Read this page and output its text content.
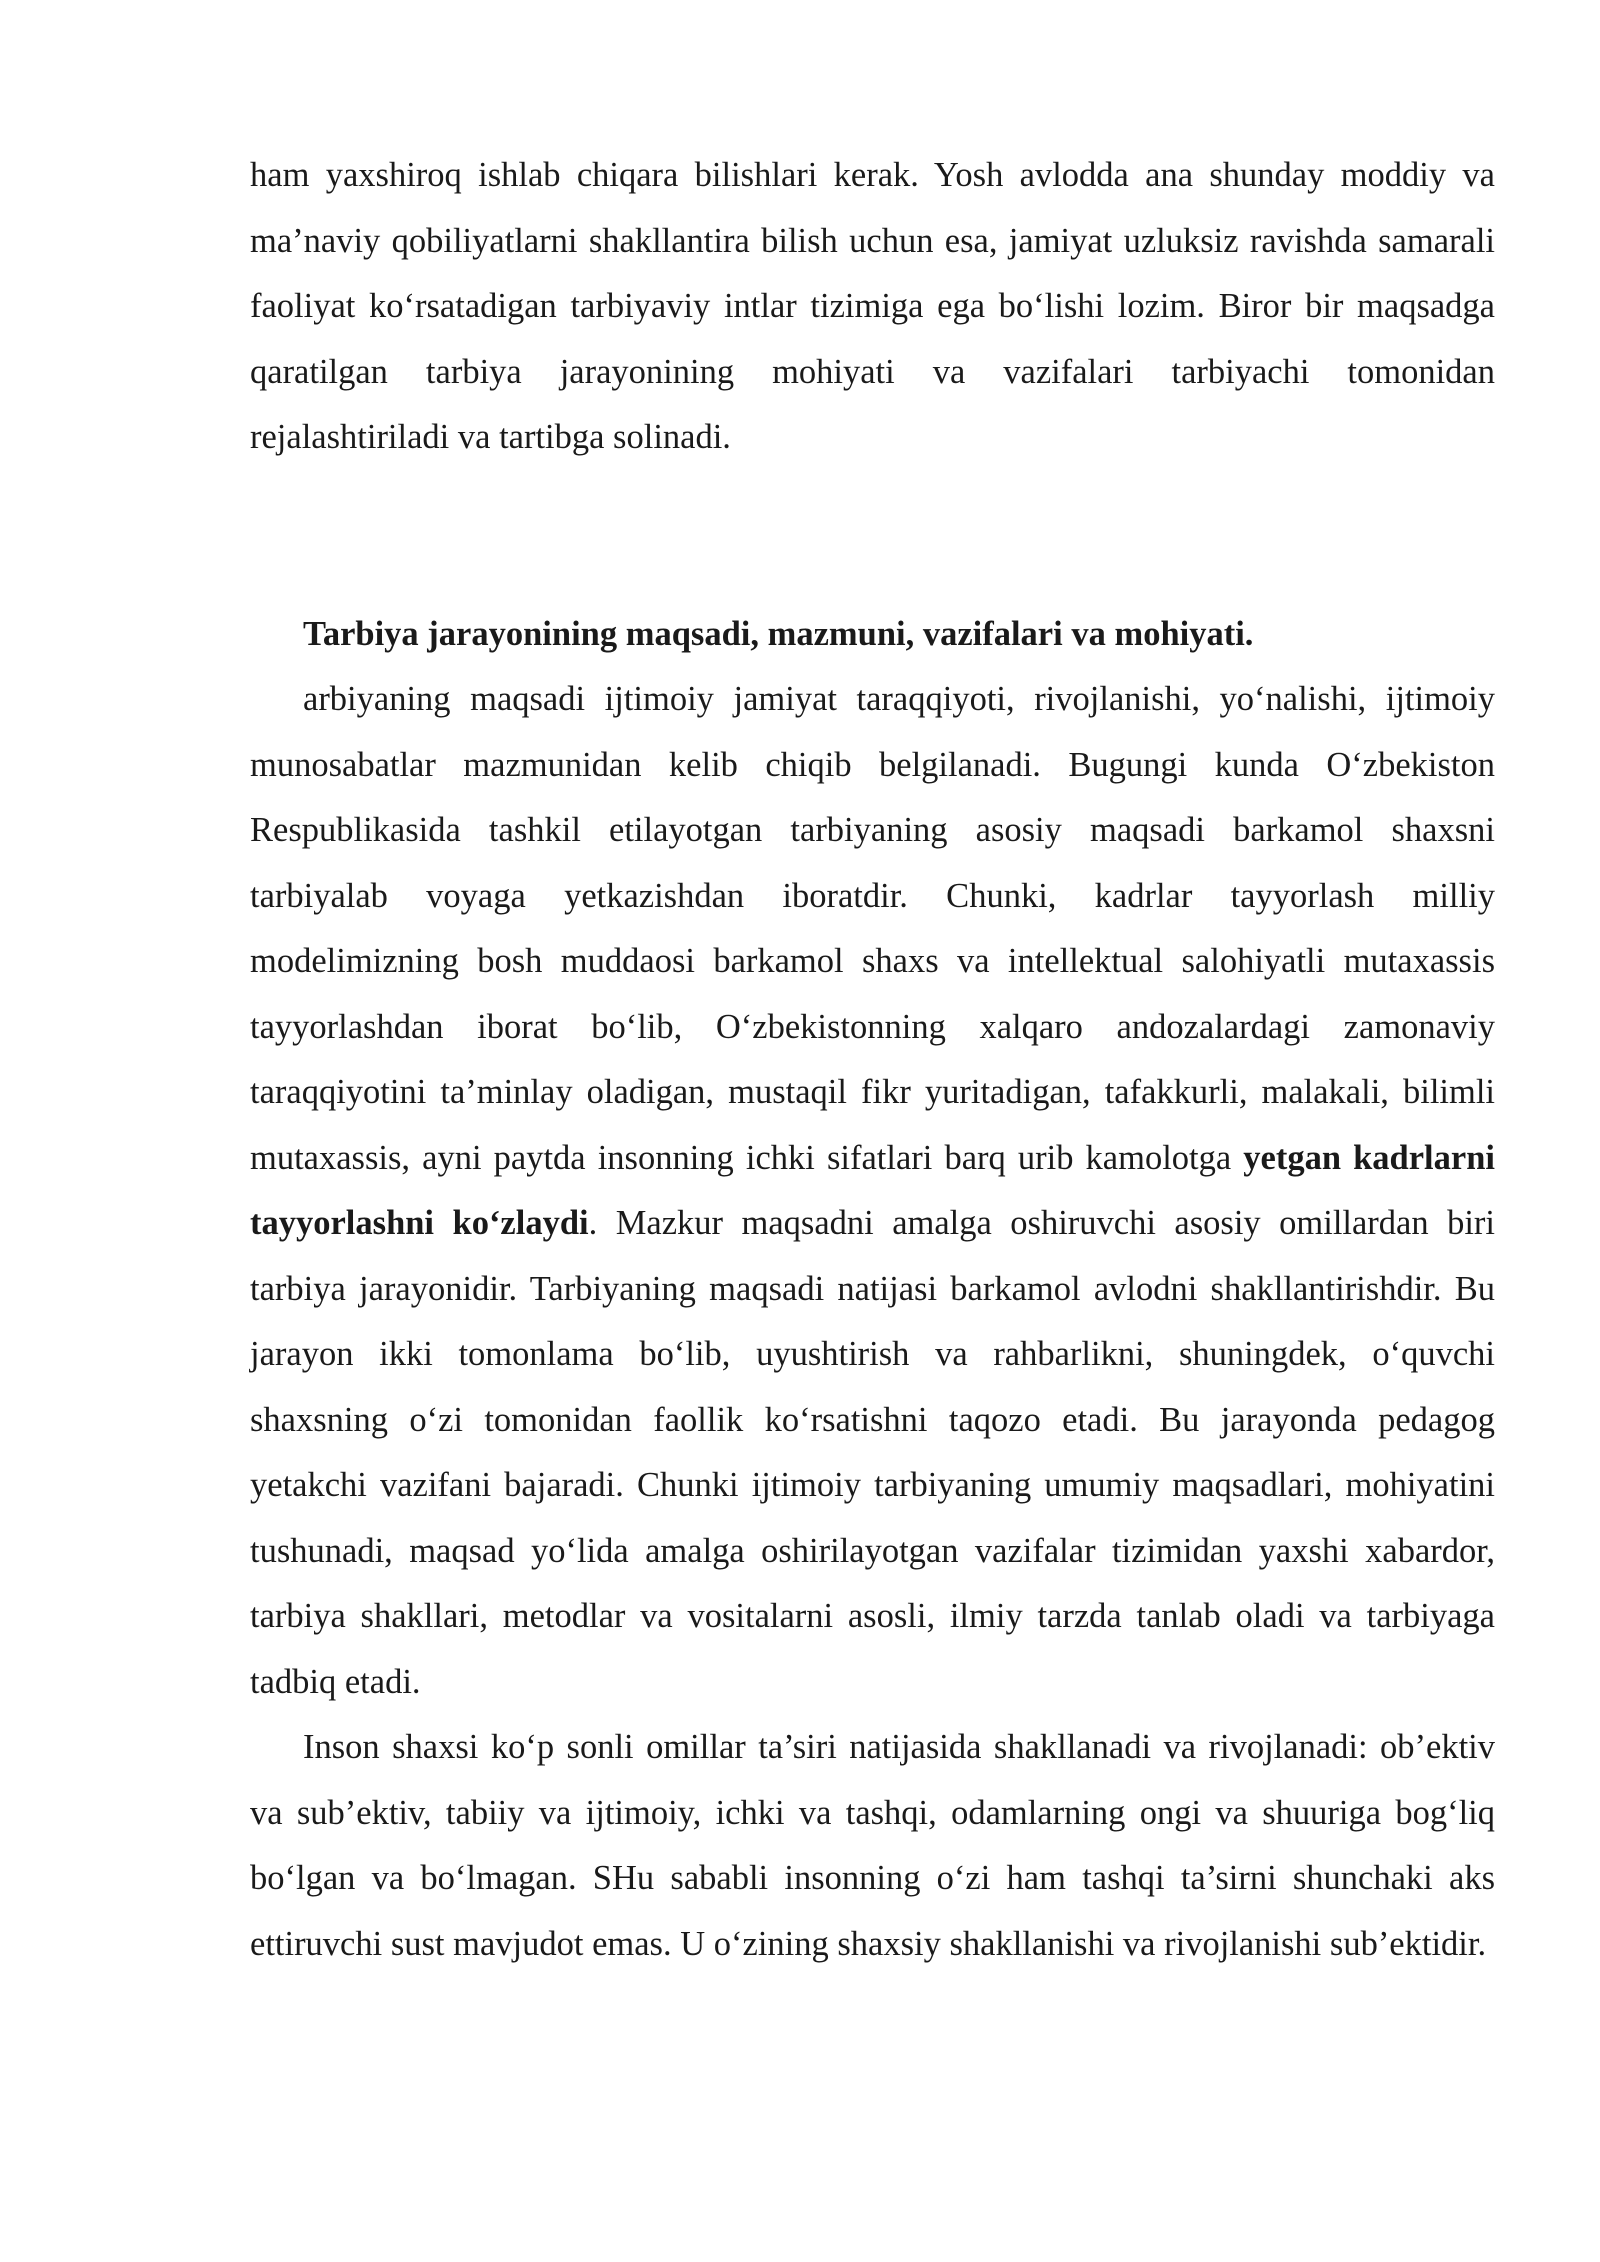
ham yaxshiroq ishlab chiqara bilishlari kerak. Yosh avlodda ana shunday moddiy va ma’naviy qobiliyatlarni shakllantira bilish uchun esa, jamiyat uzluksiz ravishda samarali faoliyat ko‘rsatadigan tarbiyaviy intlar tizimiga ega bo‘lishi lozim. Biror bir maqsadga qaratilgan tarbiya jarayonining mohiyati va vazifalari tarbiyachi tomonidan rejalashtiriladi va tartibga solinadi.

Tarbiya jarayonining maqsadi, mazmuni, vazifalari va mohiyati.

arbiyaning maqsadi ijtimoiy jamiyat taraqqiyoti, rivojlanishi, yo‘nalishi, ijtimoiy munosabatlar mazmunidan kelib chiqib belgilanadi. Bugungi kunda O‘zbekiston Respublikasida tashkil etilayotgan tarbiyaning asosiy maqsadi barkamol shaxsni tarbiyalab voyaga yetkazishdan iboratdir. Chunki, kadrlar tayyorlash milliy modelimizning bosh muddaosi barkamol shaxs va intellektual salohiyatli mutaxassis tayyorlashdan iborat bo‘lib, O‘zbekistonning xalqaro andozalardagi zamonaviy taraqqiyotini ta’minlay oladigan, mustaqil fikr yuritadigan, tafakkurli, malakali, bilimli mutaxassis, ayni paytda insonning ichki sifatlari barq urib kamolotga yetgan kadrlarni tayyorlashni ko‘zlaydi. Mazkur maqsadni amalga oshiruvchi asosiy omillardan biri tarbiya jarayonidir. Tarbiyaning maqsadi natijasi barkamol avlodni shakllantirishdir. Bu jarayon ikki tomonlama bo‘lib, uyushtirish va rahbarlikni, shuningdek, o‘quvchi shaxsning o‘zi tomonidan faollik ko‘rsatishni taqozo etadi. Bu jarayonda pedagog yetakchi vazifani bajaradi. Chunki ijtimoiy tarbiyaning umumiy maqsadlari, mohiyatini tushunadi, maqsad yo‘lida amalga oshirilayotgan vazifalar tizimidan yaxshi xabardor, tarbiya shakllari, metodlar va vositalarni asosli, ilmiy tarzda tanlab oladi va tarbiyaga tadbiq etadi.

Inson shaxsi ko‘p sonli omillar ta’siri natijasida shakllanadi va rivojlanadi: ob’ektiv va sub’ektiv, tabiiy va ijtimoiy, ichki va tashqi, odamlarning ongi va shuuriga bog‘liq bo‘lgan va bo‘lmagan. SHu sababli insonning o‘zi ham tashqi ta’sirni shunchaki aks ettiruvchi sust mavjudot emas. U o‘zining shaxsiy shakllanishi va rivojlanishi sub’ektidir.
